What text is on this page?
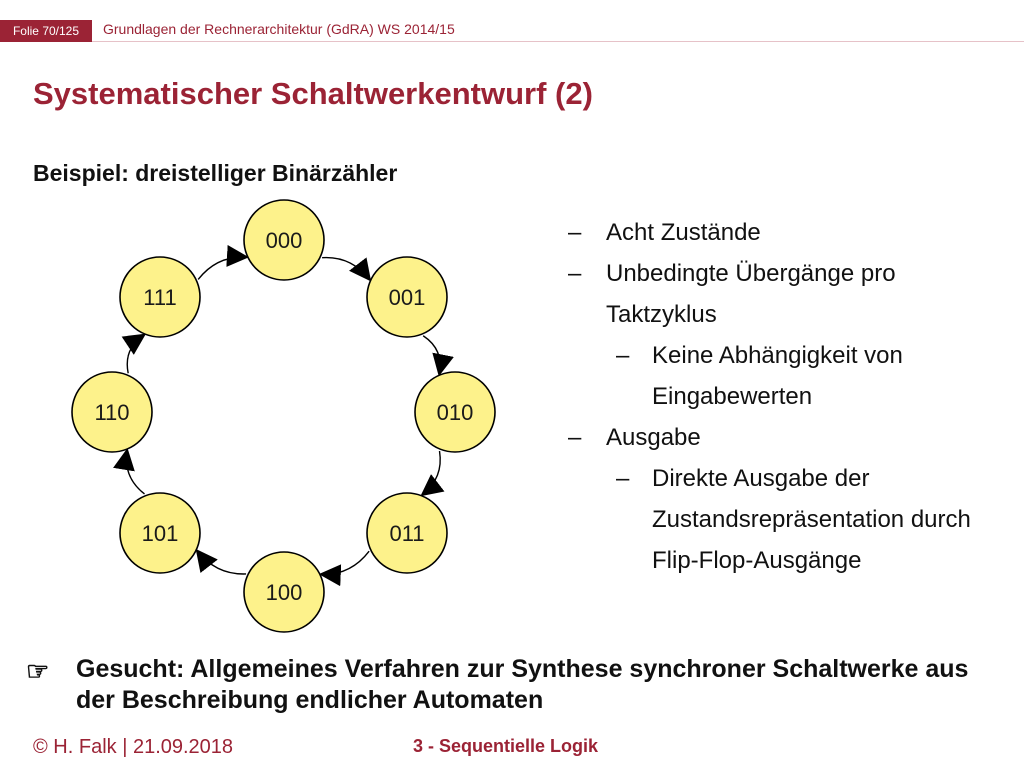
Folie 70/125	Grundlagen der Rechnerarchitektur (GdRA) WS 2014/15
Systematischer Schaltwerkentwurf (2)
Beispiel: dreistelliger Binärzähler
000
001
010
011
100
101
110
111
– Acht Zustände
– Unbedingte Übergänge pro Taktzyklus
– Keine Abhängigkeit von Eingabewerten
– Ausgabe
– Direkte Ausgabe der Zustandsrepräsentation durch Flip-Flop-Ausgänge
☞	Gesucht: Allgemeines Verfahren zur Synthese synchroner Schaltwerke aus der Beschreibung endlicher Automaten
© H. Falk | 21.09.2018	3 - Sequentielle Logik
